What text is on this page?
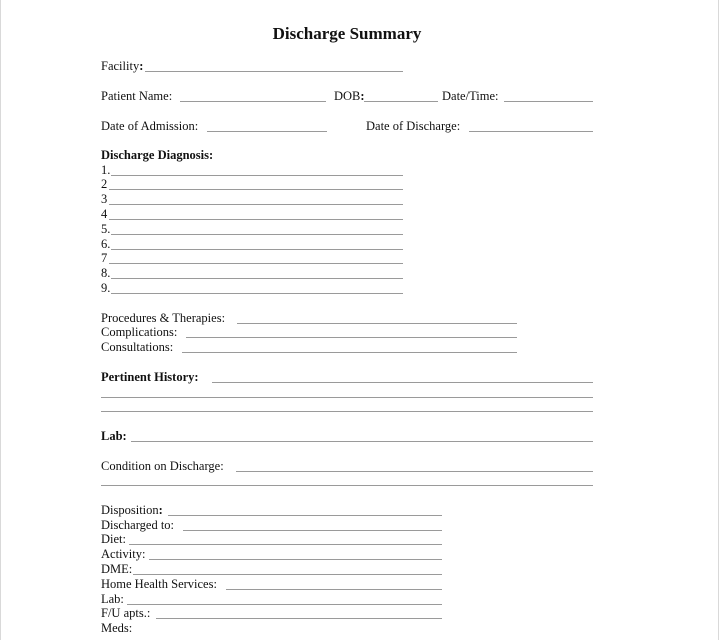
Discharge Summary
Facility:
Patient Name:	DOB:	Date/Time:
Date of Admission:	Date of Discharge:
Discharge Diagnosis:
1.
2
3
4
5.
6.
7
8.
9.
Procedures & Therapies:
Complications:
Consultations:
Pertinent History:
Lab:
Condition on Discharge:
Disposition:
Discharged to:
Diet:
Activity:
DME:
Home Health Services:
Lab:
F/U apts.:
Meds:
